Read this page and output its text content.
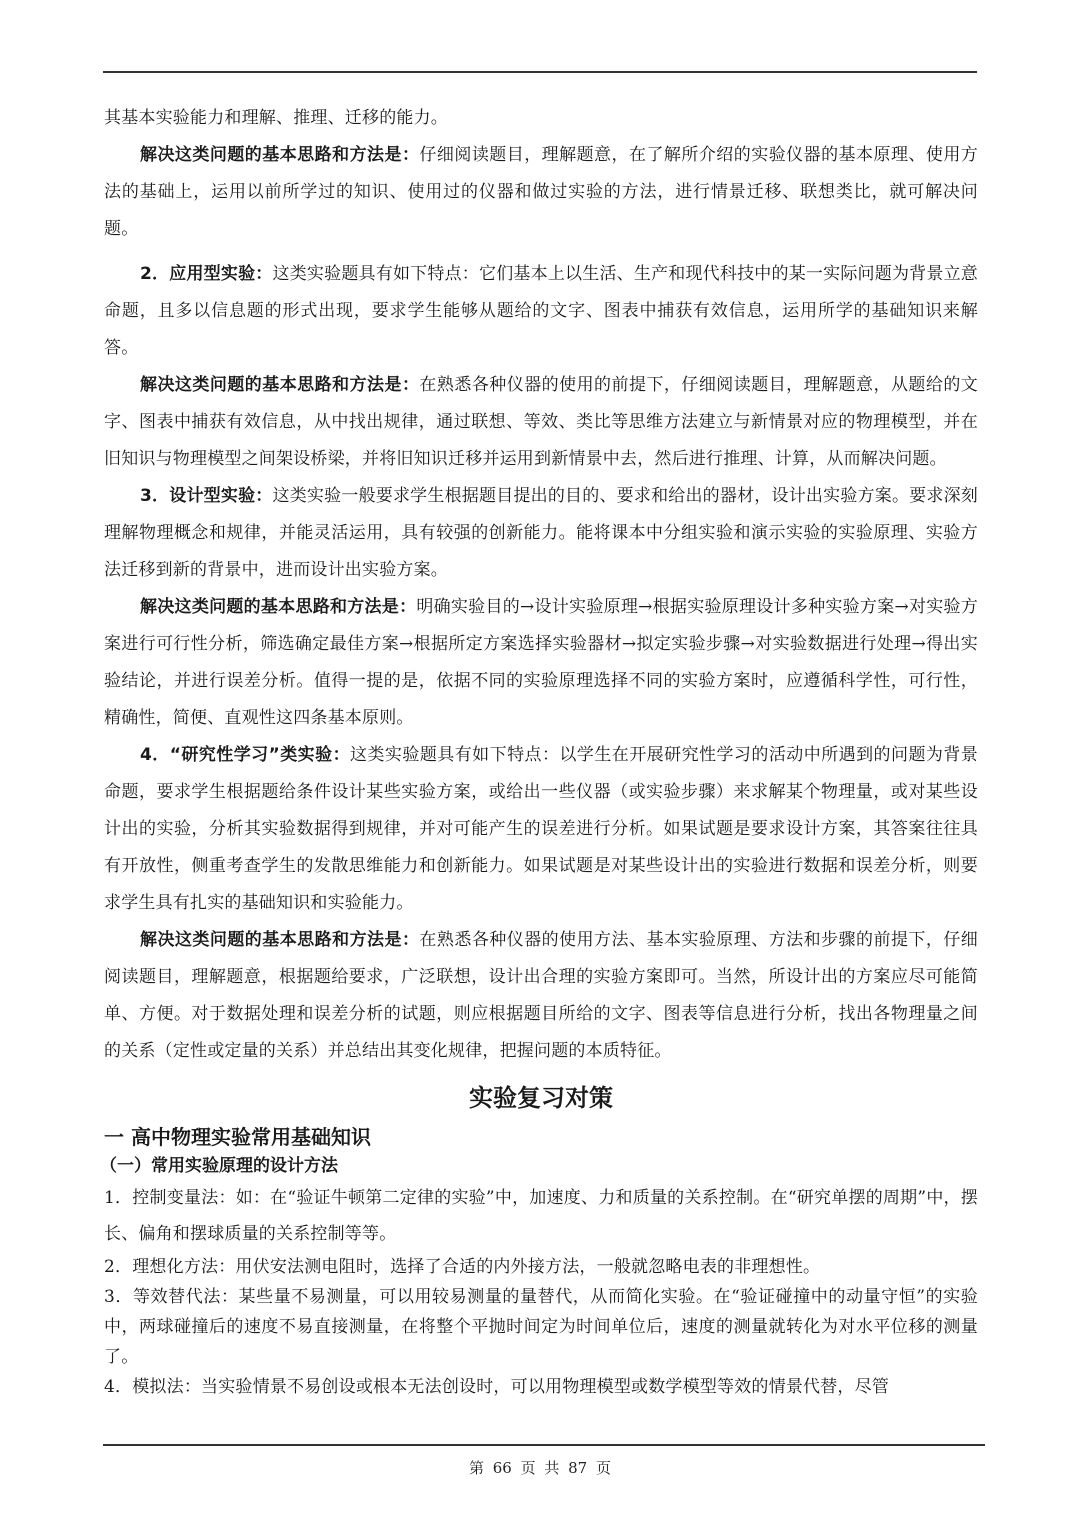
其基本实验能力和理解、推理、迁移的能力。

解决这类问题的基本思路和方法是：仔细阅读题目，理解题意，在了解所介绍的实验仪器的基本原理、使用方法的基础上，运用以前所学过的知识、使用过的仪器和做过实验的方法，进行情景迁移、联想类比，就可解决问题。

2．应用型实验：这类实验题具有如下特点：它们基本上以生活、生产和现代科技中的某一实际问题为背景立意命题，且多以信息题的形式出现，要求学生能够从题给的文字、图表中捕获有效信息，运用所学的基础知识来解答。

解决这类问题的基本思路和方法是：在熟悉各种仪器的使用的前提下，仔细阅读题目，理解题意，从题给的文字、图表中捕获有效信息，从中找出规律，通过联想、等效、类比等思维方法建立与新情景对应的物理模型，并在旧知识与物理模型之间架设桥梁，并将旧知识迁移并运用到新情景中去，然后进行推理、计算，从而解决问题。

3．设计型实验：这类实验一般要求学生根据题目提出的目的、要求和给出的器材，设计出实验方案。要求深刻理解物理概念和规律，并能灵活运用，具有较强的创新能力。能将课本中分组实验和演示实验的实验原理、实验方法迁移到新的背景中，进而设计出实验方案。

解决这类问题的基本思路和方法是：明确实验目的→设计实验原理→根据实验原理设计多种实验方案→对实验方案进行可行性分析，筛选确定最佳方案→根据所定方案选择实验器材→拟定实验步骤→对实验数据进行处理→得出实验结论，并进行误差分析。值得一提的是，依据不同的实验原理选择不同的实验方案时，应遵循科学性，可行性，精确性，简便、直观性这四条基本原则。

4．“研究性学习”类实验：这类实验题具有如下特点：以学生在开展研究性学习的活动中所遇到的问题为背景命题，要求学生根据题给条件设计某些实验方案，或给出一些仪器（或实验步骤）来求解某个物理量，或对某些设计出的实验，分析其实验数据得到规律，并对可能产生的误差进行分析。如果试题是要求设计方案，其答案往往具有开放性，侧重考查学生的发散思维能力和创新能力。如果试题是对某些设计出的实验进行数据和误差分析，则要求学生具有扎实的基础知识和实验能力。

解决这类问题的基本思路和方法是：在熟悉各种仪器的使用方法、基本实验原理、方法和步骤的前提下，仔细阅读题目，理解题意，根据题给要求，广泛联想，设计出合理的实验方案即可。当然，所设计出的方案应尽可能简单、方便。对于数据处理和误差分析的试题，则应根据题目所给的文字、图表等信息进行分析，找出各物理量之间的关系（定性或定量的关系）并总结出其变化规律，把握问题的本质特征。

实验复习对策
一 高中物理实验常用基础知识
（一）常用实验原理的设计方法

1．控制变量法：如：在“验证牛顿第二定律的实验”中，加速度、力和质量的关系控制。在“研究单摆的周期”中，摆长、偏角和摆球质量的关系控制等等。

2．理想化方法：用伏安法测电阻时，选择了合适的内外接方法，一般就忽略电表的非理想性。

3．等效替代法：某些量不易测量，可以用较易测量的量替代，从而简化实验。在“验证碰撞中的动量守恒”的实验中，两球碰撞后的速度不易直接测量，在将整个平抛时间定为时间单位后，速度的测量就转化为对水平位移的测量了。

4．模拟法：当实验情景不易创设或根本无法创设时，可以用物理模型或数学模型等效的情景代替，尽管

第 66 页 共 87 页
